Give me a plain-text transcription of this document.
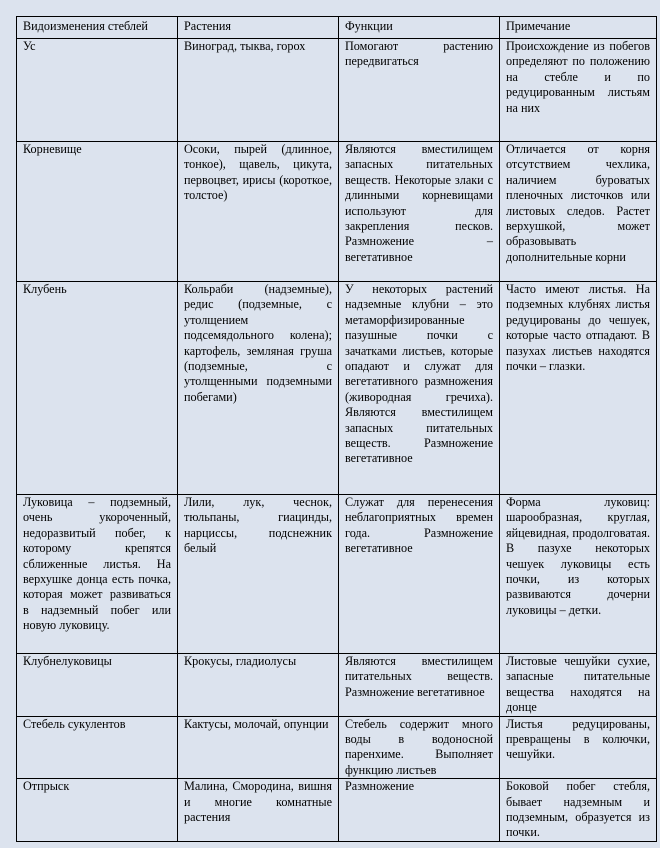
Видоизменения стеблей	Растения	Функции	Примечание
Ус	Виноград, тыква, горох	Помогают растению передвигаться	Происхождение из побегов определяют по положению на стебле и по редуцированным листьям на них
Корневище	Осоки, пырей (длинное, тонкое), щавель, цикута, первоцвет, ирисы (короткое, толстое)	Являются вместилищем запасных питательных веществ. Некоторые злаки с длинными корневищами используют для закрепления песков. Размножение – вегетативное	Отличается от корня отсутствием чехлика, наличием буроватых пленочных листочков или листовых следов. Растет верхушкой, может образовывать дополнительные корни
Клубень	Кольраби (надземные), редис (подземные, с утолщением подсемядольного колена); картофель, земляная груша (подземные, с утолщенными подземными побегами)	У некоторых растений надземные клубни – это метаморфизированные пазушные почки с зачатками листьев, которые опадают и служат для вегетативного размножения (живородная гречиха). Являются вместилищем запасных питательных веществ. Размножение вегетативное	Часто имеют листья. На подземных клубнях листья редуцированы до чешуек, которые часто отпадают. В пазухах листьев находятся почки – глазки.
Луковица – подземный, очень укороченный, недоразвитый побег, к которому крепятся сближенные листья. На верхушке донца есть почка, которая может развиваться в надземный побег или новую луковицу.	Лили, лук, чеснок, тюльпаны, гиацинды, нарциссы, подснежник белый	Служат для перенесения неблагоприятных времен года. Размножение вегетативное	Форма луковиц: шарообразная, круглая, яйцевидная, продолговатая. В пазухе некоторых чешуек луковицы есть почки, из которых развиваются дочерни луковицы – детки.
Клубнелуковицы	Крокусы, гладиолусы	Являются вместилищем питательных веществ. Размножение вегетативное	Листовые чешуйки сухие, запасные питательные вещества находятся на донце
Стебель сукулентов	Кактусы, молочай, опунции	Стебель содержит много воды в водоносной паренхиме. Выполняет функцию листьев	Листья редуцированы, превращены в колючки, чешуйки.
Отпрыск	Малина, Смородина, вишня и многие комнатные растения	Размножение	Боковой побег стебля, бывает надземным и подземным, образуется из почки.
